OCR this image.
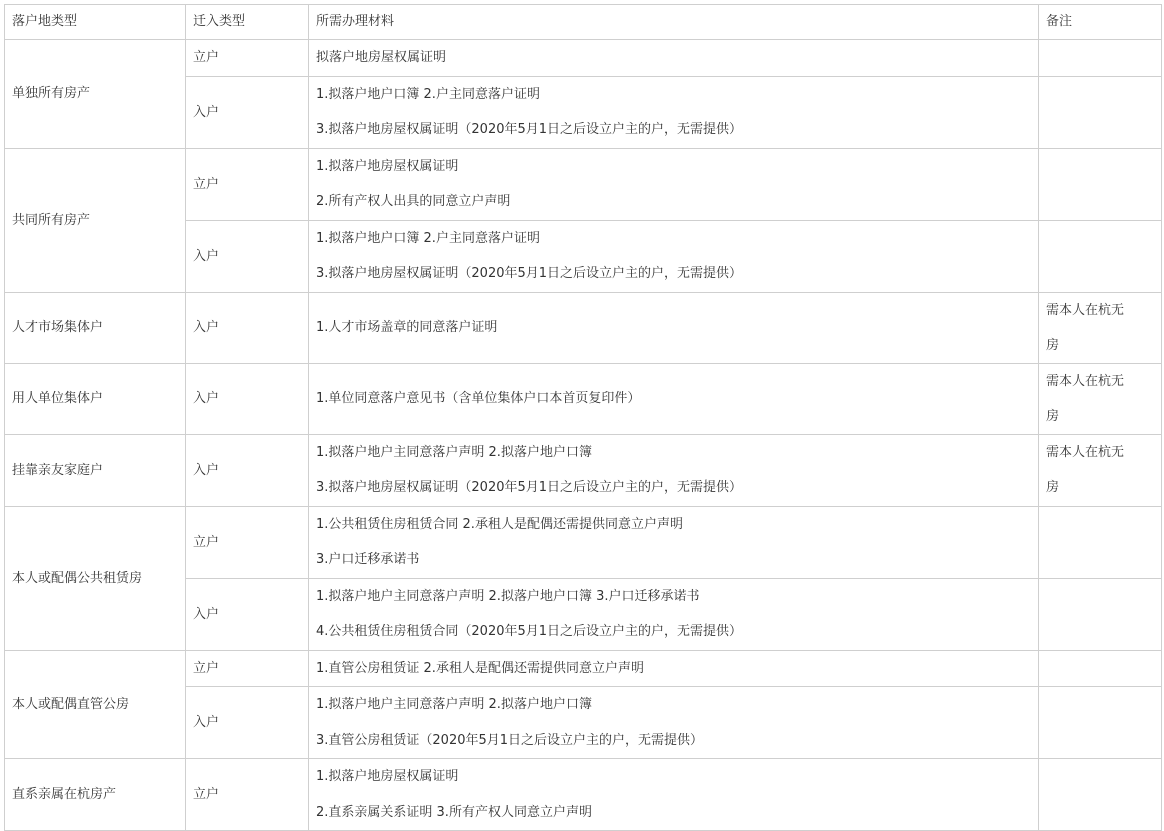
落户地类型	迁入类型	所需办理材料	备注
单独所有房产	立户	拟落户地房屋权属证明	

	入户	1.拟落户地户口簿 2.户主同意落户证明
3.拟落户地房屋权属证明（2020年5月1日之后设立户主的户，无需提供）	

共同所有房产	立户	1.拟落户地房屋权属证明
2.所有产权人出具的同意立户声明	

	入户	1.拟落户地户口簿 2.户主同意落户证明
3.拟落户地房屋权属证明（2020年5月1日之后设立户主的户，无需提供）	

人才市场集体户	入户	1.人才市场盖章的同意落户证明	需本人在杭无
房

用人单位集体户	入户	1.单位同意落户意见书（含单位集体户口本首页复印件）	需本人在杭无
房

挂靠亲友家庭户	入户	1.拟落户地户主同意落户声明 2.拟落户地户口簿
3.拟落户地房屋权属证明（2020年5月1日之后设立户主的户，无需提供）	需本人在杭无
房

本人或配偶公共租赁房	立户	1.公共租赁住房租赁合同 2.承租人是配偶还需提供同意立户声明
3.户口迁移承诺书	

	入户	1.拟落户地户主同意落户声明 2.拟落户地户口簿 3.户口迁移承诺书
4.公共租赁住房租赁合同（2020年5月1日之后设立户主的户，无需提供）	

本人或配偶直管公房	立户	1.直管公房租赁证 2.承租人是配偶还需提供同意立户声明	

	入户	1.拟落户地户主同意落户声明 2.拟落户地户口簿
3.直管公房租赁证（2020年5月1日之后设立户主的户，无需提供）	

直系亲属在杭房产	立户	1.拟落户地房屋权属证明
2.直系亲属关系证明 3.所有产权人同意立户声明	
